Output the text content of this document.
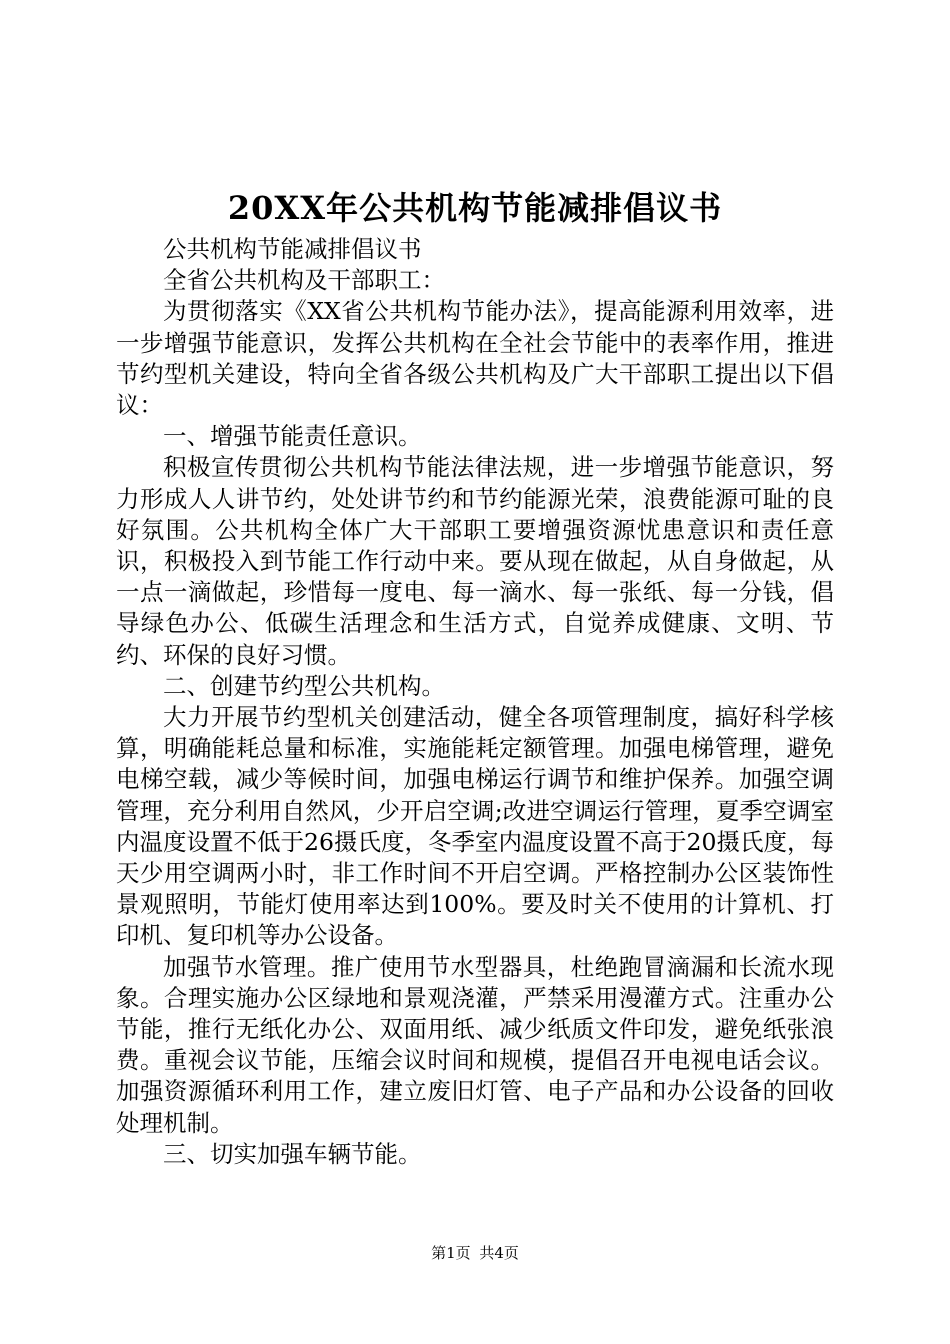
20XX年公共机构节能减排倡议书

公共机构节能减排倡议书

全省公共机构及干部职工：

为贯彻落实《XX省公共机构节能办法》，提高能源利用效率，进一步增强节能意识，发挥公共机构在全社会节能中的表率作用，推进节约型机关建设，特向全省各级公共机构及广大干部职工提出以下倡议：

一、增强节能责任意识。

积极宣传贯彻公共机构节能法律法规，进一步增强节能意识，努力形成人人讲节约，处处讲节约和节约能源光荣，浪费能源可耻的良好氛围。公共机构全体广大干部职工要增强资源忧患意识和责任意识，积极投入到节能工作行动中来。要从现在做起，从自身做起，从一点一滴做起，珍惜每一度电、每一滴水、每一张纸、每一分钱，倡导绿色办公、低碳生活理念和生活方式，自觉养成健康、文明、节约、环保的良好习惯。

二、创建节约型公共机构。

大力开展节约型机关创建活动，健全各项管理制度，搞好科学核算，明确能耗总量和标准，实施能耗定额管理。加强电梯管理，避免电梯空载，减少等候时间，加强电梯运行调节和维护保养。加强空调管理，充分利用自然风，少开启空调;改进空调运行管理，夏季空调室内温度设置不低于26摄氏度，冬季室内温度设置不高于20摄氏度，每天少用空调两小时，非工作时间不开启空调。严格控制办公区装饰性景观照明，节能灯使用率达到100%。要及时关不使用的计算机、打印机、复印机等办公设备。

加强节水管理。推广使用节水型器具，杜绝跑冒滴漏和长流水现象。合理实施办公区绿地和景观浇灌，严禁采用漫灌方式。注重办公节能，推行无纸化办公、双面用纸、减少纸质文件印发，避免纸张浪费。重视会议节能，压缩会议时间和规模，提倡召开电视电话会议。加强资源循环利用工作，建立废旧灯管、电子产品和办公设备的回收处理机制。

三、切实加强车辆节能。

第1页 共4页
